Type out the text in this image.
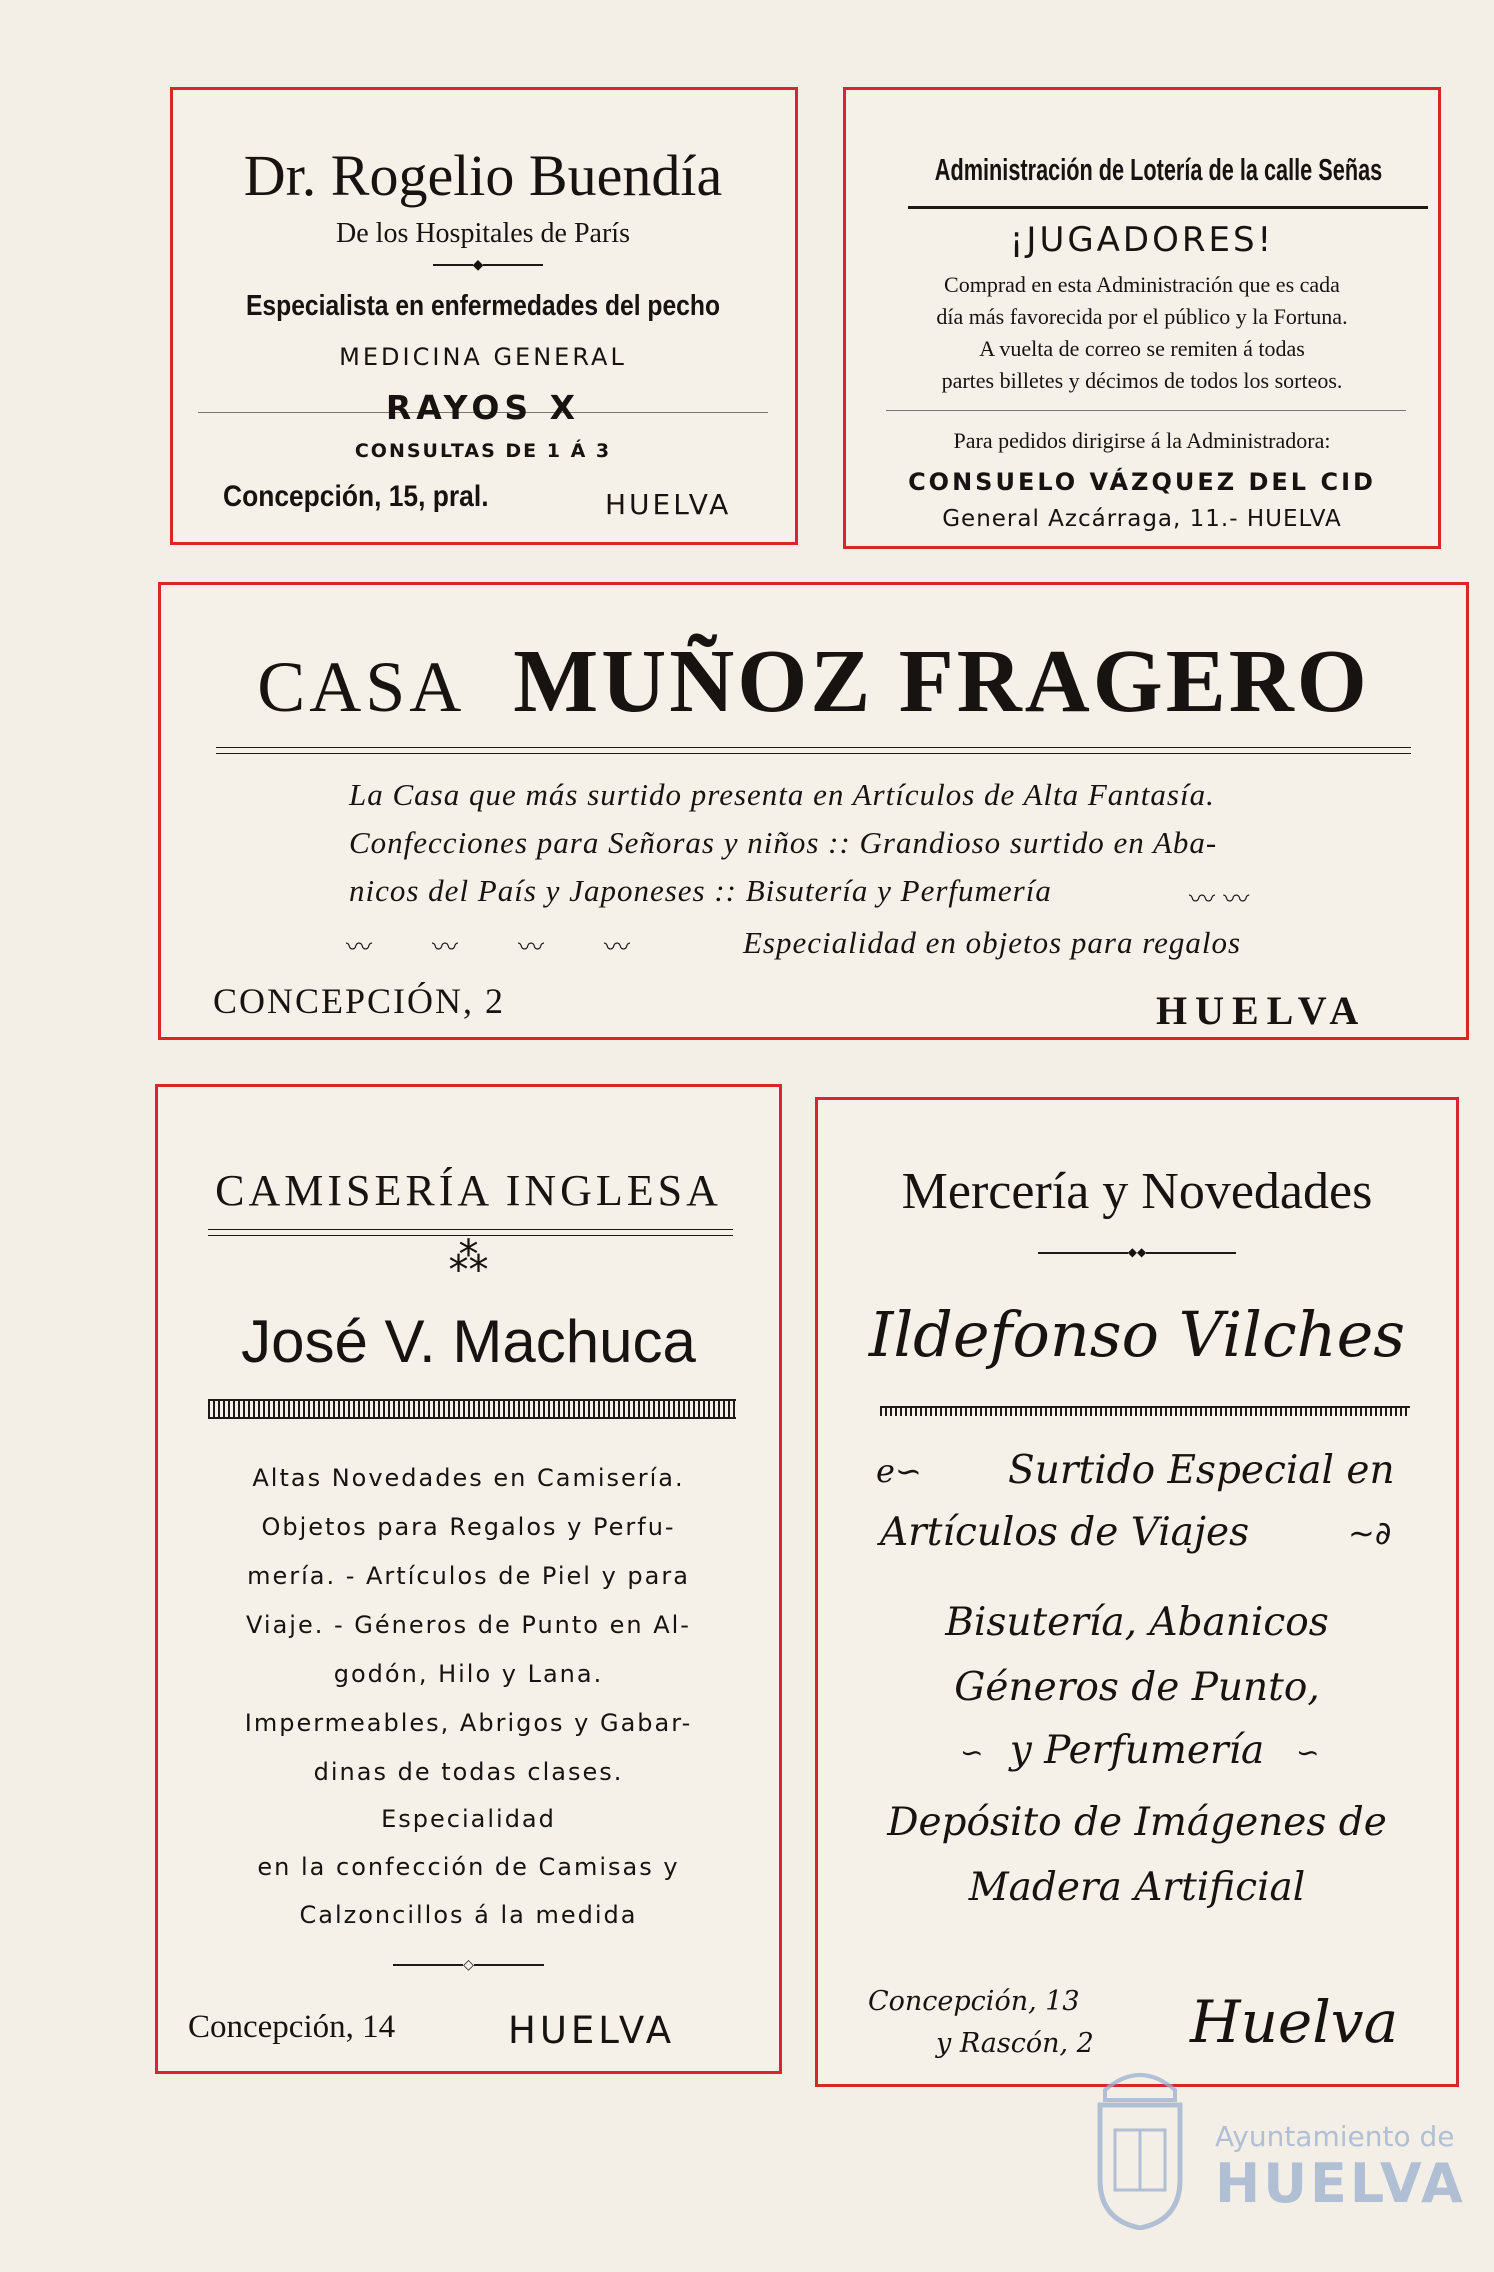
Dr. Rogelio Buendía
De los Hospitales de París
◆
Especialista en enfermedades del pecho
MEDICINA GENERAL
RAYOS X
CONSULTAS DE 1 Á 3
Concepción, 15, pral.	HUELVA
Administración de Lotería de la calle Señas
¡JUGADORES!
Comprad en esta Administración que es cada
día más favorecida por el público y la Fortuna.
A vuelta de correo se remiten á todas
partes billetes y décimos de todos los sorteos.
Para pedidos dirigirse á la Administradora:
CONSUELO VÁZQUEZ DEL CID
General Azcárraga, 11.- HUELVA
CASA MUÑOZ FRAGERO
La Casa que más surtido presenta en Artículos de Alta Fantasía.
Confecciones para Señoras y niños :: Grandioso surtido en Aba-
nicos del País y Japoneses :: Bisutería y Perfumería	〰 〰
〰〰〰〰 Especialidad en objetos para regalos
CONCEPCIÓN, 2	HUELVA
CAMISERÍA INGLESA
⁂
José V. Machuca
Altas Novedades en Camisería.
Objetos para Regalos y Perfu-
mería. - Artículos de Piel y para
Viaje. - Géneros de Punto en Al-
godón, Hilo y Lana.
Impermeables, Abrigos y Gabar-
dinas de todas clases.
Especialidad
en la confección de Camisas y
Calzoncillos á la medida
◇
Concepción, 14	HUELVA
Mercería y Novedades
◆◆
Ildefonso Vilches
ℯ∽ Surtido Especial en
Artículos de Viajes	∼∂
Bisutería, Abanicos
Géneros de Punto,
y Perfumería
∽	∽
Depósito de Imágenes de
Madera Artificial
Concepción, 13
y Rascón, 2 Huelva
Ayuntamiento de
HUELVA
